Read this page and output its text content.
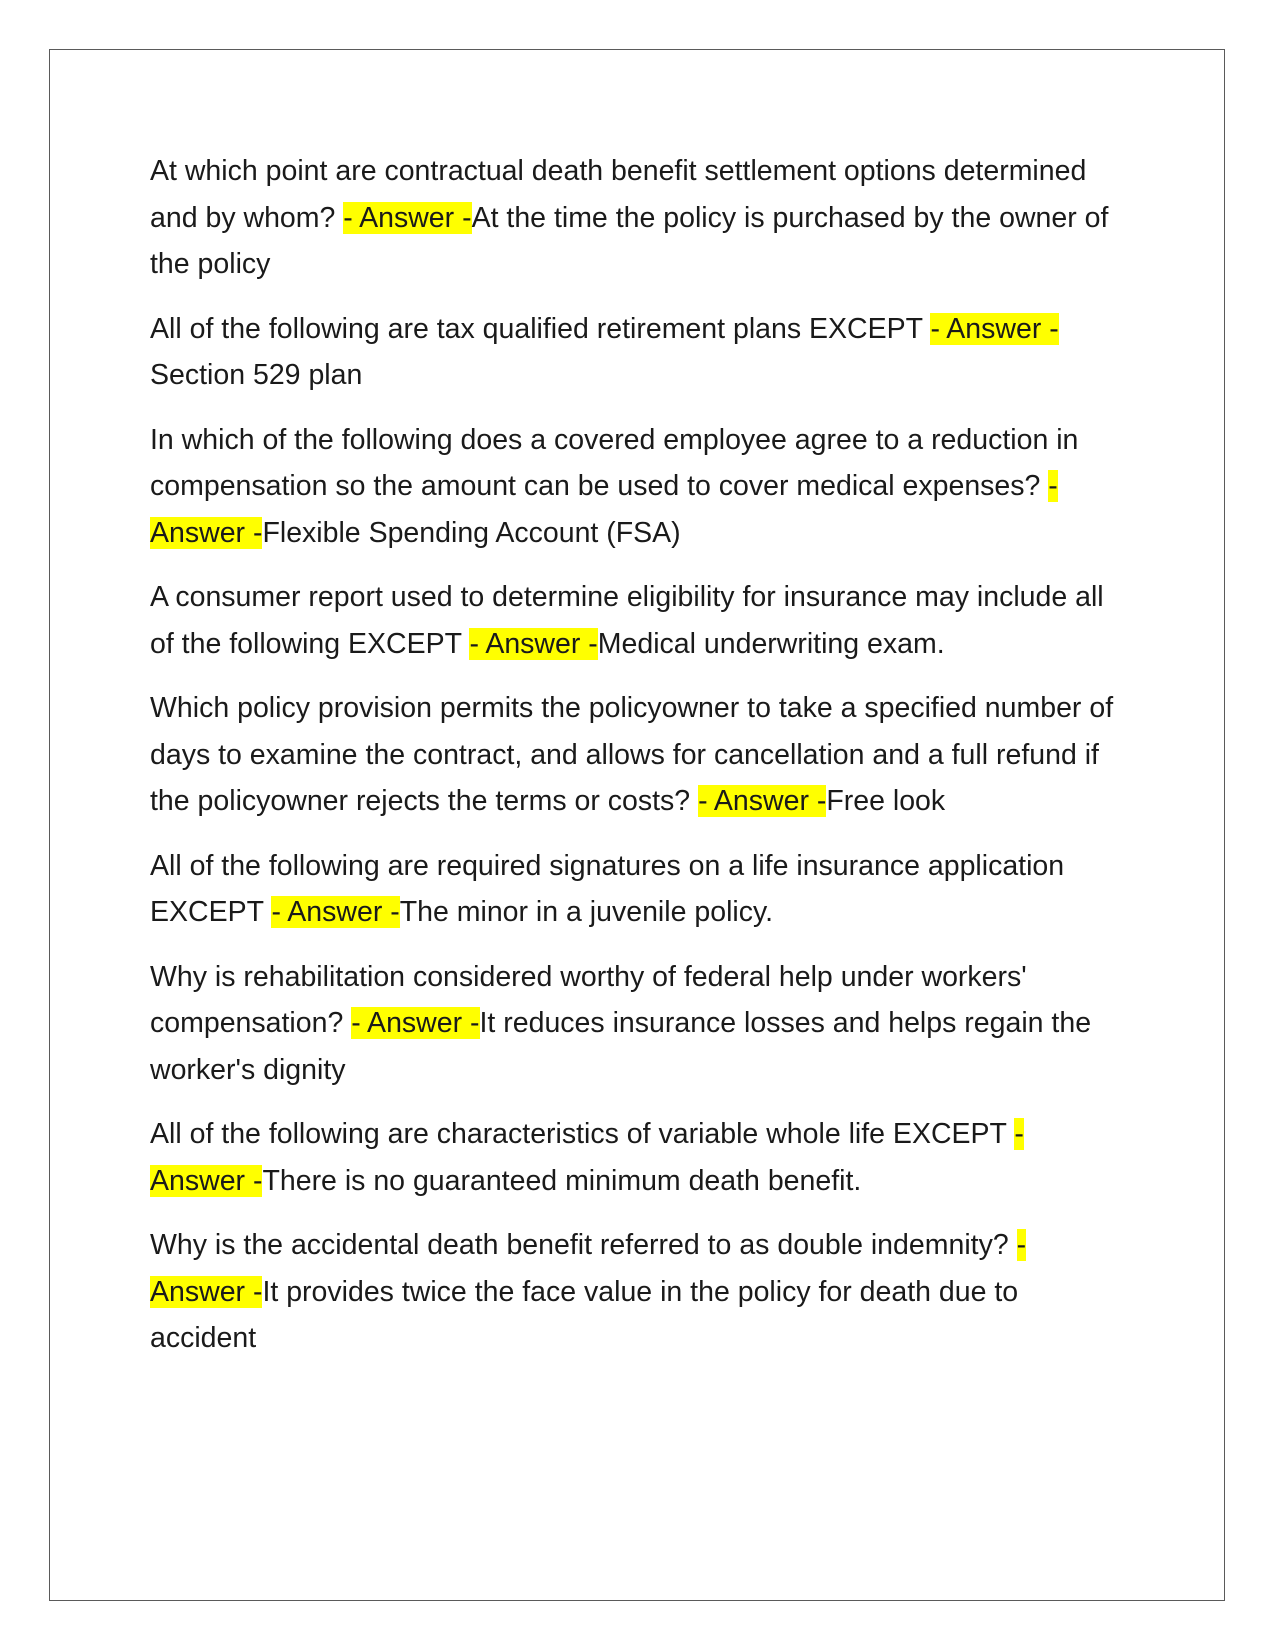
At which point are contractual death benefit settlement options determined and by whom? - Answer -At the time the policy is purchased by the owner of the policy

All of the following are tax qualified retirement plans EXCEPT - Answer -Section 529 plan

In which of the following does a covered employee agree to a reduction in compensation so the amount can be used to cover medical expenses? - Answer -Flexible Spending Account (FSA)

A consumer report used to determine eligibility for insurance may include all of the following EXCEPT - Answer -Medical underwriting exam.

Which policy provision permits the policyowner to take a specified number of days to examine the contract, and allows for cancellation and a full refund if the policyowner rejects the terms or costs? - Answer -Free look

All of the following are required signatures on a life insurance application EXCEPT - Answer -The minor in a juvenile policy.

Why is rehabilitation considered worthy of federal help under workers' compensation? - Answer -It reduces insurance losses and helps regain the worker's dignity

All of the following are characteristics of variable whole life EXCEPT - Answer -There is no guaranteed minimum death benefit.

Why is the accidental death benefit referred to as double indemnity? - Answer -It provides twice the face value in the policy for death due to accident
